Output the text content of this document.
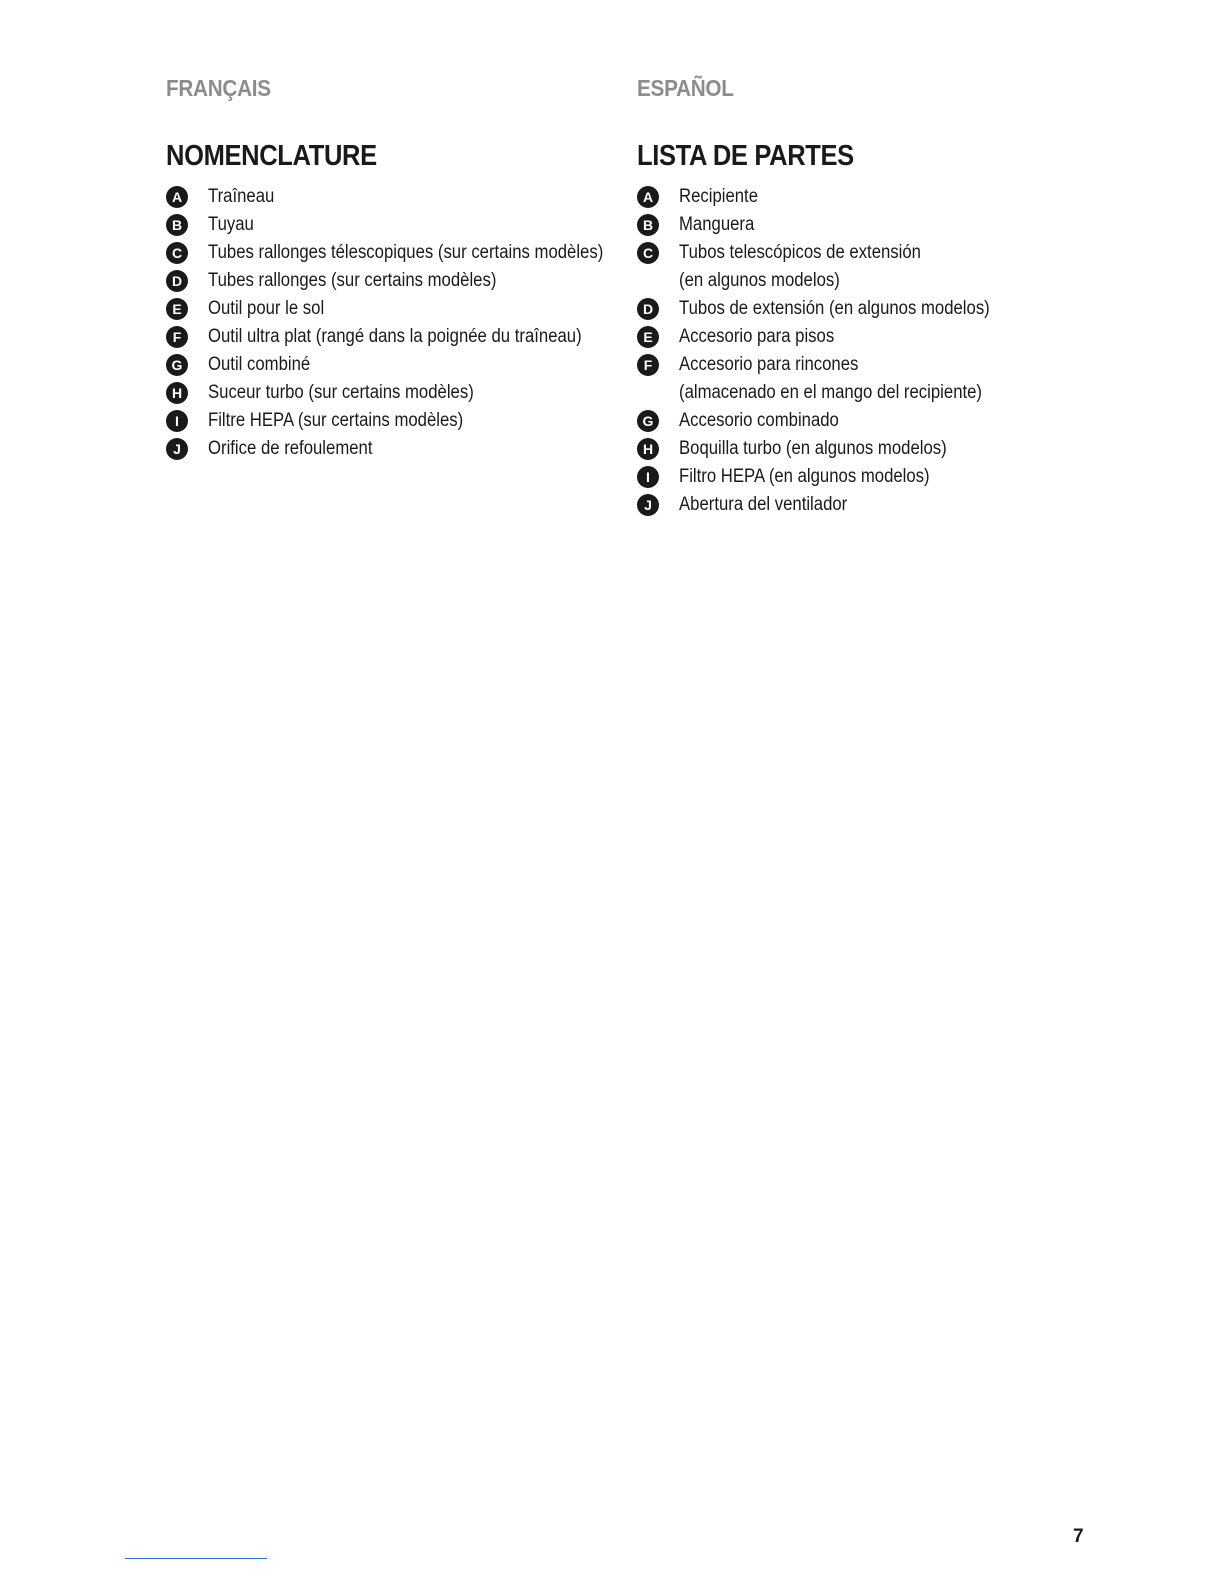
FRANÇAIS
NOMENCLATURE
A	Traîneau
B	Tuyau
C	Tubes rallonges télescopiques (sur certains modèles)
D	Tubes rallonges (sur certains modèles)
E	Outil pour le sol
F	Outil ultra plat (rangé dans la poignée du traîneau)
G Outil combiné
H	Suceur turbo (sur certains modèles)
I	Filtre HEPA (sur certains modèles)
J	Orifice de refoulement
ESPAÑOL
LISTA DE PARTES
A	Recipiente
B	Manguera
C	Tubos telescópicos de extensión
(en algunos modelos)
D	Tubos de extensión (en algunos modelos)
E	Accesorio para pisos
F	Accesorio para rincones
(almacenado en el mango del recipiente)
G Accesorio combinado
H	Boquilla turbo (en algunos modelos)
I	Filtro HEPA (en algunos modelos)
J	Abertura del ventilador
7
